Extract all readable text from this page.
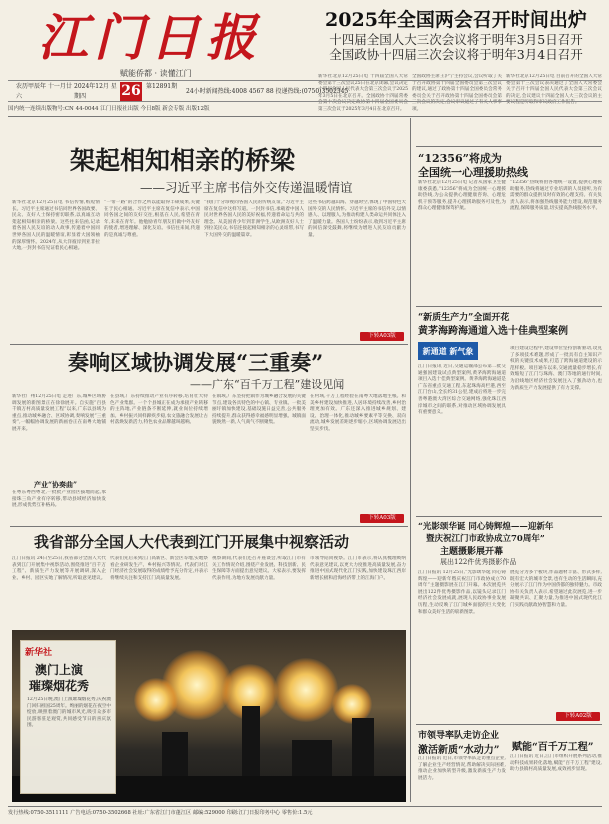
江门日报
赋能侨都 · 读懂江门
2025年全国两会召开时间出炉
十四届全国人大三次会议将于明年3月5日召开
全国政协十四届三次会议将于明年3月4日召开
新华社北京12月25日电 十四届全国人大常委会第十三次会议25日在北京闭幕,会议决定十四届全国人民代表大会第三次会议于2025年3月5日在北京召开。全国政协十四届常委会第十次会议决定政协第十四届全国委员会第三次会议于2025年3月4日在北京召开。
全国政协主席王沪宁主持会议,会议听取了关于召开政协第十四届全国委员会第三次会议的建议,通过了政协第十四届全国委员会常务委员会关于召开政协第十四届全国委员会第三次会议的决定,会议审议通过了有关人事事项。
新华社北京12月25日电 目前召开的全国人大常委会第十三次会议表决通过了全国人大常委会关于召开十四届全国人民代表大会第三次会议的决定,会议建议十四届全国人大三次会议的主要议程是听取和审议政府工作报告。
农历甲辰年 十一月廿六
2024年12月 星期四	26 第12891期
24小时新闻热线:4008 4567 88 投递热线:(0750)3502345
国内统一连续出版物号:CN 44-0044 江门日报社出版 今日8版 新会专版 出版12版
架起相知相亲的桥梁
——习近平主席书信外交传递温暖情谊
新华社北京12月25日电 书信传情,纸短情长。习近平主席通过书信同世界各国政要、民众、友好人士保持密切联系,以真诚互动架起相知相亲的桥梁。这些往来信函,记录着各国人民友谊的动人故事,传递着中国同世界各国人民的温暖情谊,彰显着大国领袖的深厚情怀。2024年,从大洋彼岸到亚非拉大地,一封封书信见证着民心相通。
“一带一路”的合作之所以能取得丰硕成果,关键在于民心相通。习近平主席在复信中表示,中国同各国之间的友好交往,根基在人民,希望在青年,未来在青年。他勉励青年朋友们做中外友好的使者,增进理解、深化友谊。书信往来间,传递的是真诚与尊重。
“我们十分珍视同各国人民的传统友谊。”习近平主席在复信中这样写道。一封封书信,承载着中国人民对世界各国人民的美好祝福,传递着命运与共的理念。从美国青少年到非洲学生,从欧洲友好人士到拉美民众,书信连接起相知相亲的心灵纽带,书写下大国外交的温暖篇章。
这些书信跨越山海、穿越时空,体现了中国特色大国外交的人民情怀。习近平主席的书信外交,以情感人、以理服人,为推动构建人类命运共同体注入了温暖力量。各国人士纷纷表示,收到习近平主席的回信深受鼓舞,将继续为增进人民友谊贡献力量。
下转A03版
奏响区域协调发展“三重奏”
——广东“百千万工程”建设见闻
新华社广州12月25日电 走进广东,城乡区域协调发展的新图景正在徐徐展开。自实施“百县千镇万村高质量发展工程”以来,广东以县域为重点,推动城乡融合、区域协调,奏响发展“三重奏”,一幅幅协调发展的新画卷正在南粤大地铺展开来。
产业“协奏曲”
在粤东粤西粤北,一批批产业园区拔地而起,承接珠三角产业有序转移,带动县域经济加快发展,形成优势互补格局。
在县域,广东持续推动产业有序转移,培育壮大特色产业集群。一个个县城正在成为承接产业转移的主阵地,产业链条不断延伸,就业岗位持续增加。乡村振兴同样蹄疾步稳,农文旅融合发展让古村落焕发新活力,特色农业品牌越叫越响。
在镇域,广东坚持把镇作为城乡融合发展的关键节点,建设各具特色的中心镇、专业镇。一批美丽圩镇加快建设,基础设施日益完善,公共服务持续提升,群众获得感幸福感明显增强。城镇面貌焕然一新,人气商气不断聚集。
在村域,千万工程经验在南粤大地落地生根。和美乡村建设加快推进,人居环境持续改善,乡村治理更加有效。广东还深入推进城乡规划、建设、治理一体化,推动城乡要素平等交换、双向流动,城乡发展差距逐步缩小,区域协调发展迈出坚实步伐。
下转A03版
我省部分全国人大代表到江门开展集中视察活动
江门日报讯 24日至25日,我省部分全国人大代表到江门开展集中视察活动,围绕推进“百千万工程”、新质生产力发展等开展调研,深入企业、乡村、园区实地了解情况,听取意见建议。
代表们先后来到江门高新区、新会区等地,实地察看企业研发生产、乡村振兴等情况。代表们对江门经济社会发展取得的成绩给予充分肯定,并表示将继续关注和支持江门高质量发展。
视察期间,代表们还召开座谈会,听取江门市有关工作情况介绍,围绕产业发展、科技创新、民生保障等方面提出意见建议。大家表示,要发挥代表作用,为地方发展贡献力量。
市领导陪同视察。江门市表示,将认真梳理吸纳代表意见建议,以更大力度推进高质量发展,奋力推进中国式现代化江门实践,加快建设珠江西岸新增长极和沿海经济带上的江海门户。
新华社
澳门上演
璀璨烟花秀
12月25日晚,澳门上演璀璨烟花秀,庆祝澳门回归祖国25周年。绚丽的烟花在夜空中绽放,映照着澳门的城市风光,吸引众多市民游客驻足观赏,共同感受节日的喜庆氛围。
“12356”将成为
全国统一心理援助热线
新华社北京12月25日电 记者从国家卫生健康委获悉,“12356”将成为全国统一心理援助热线,为公众提供心理健康咨询、心理危机干预等服务,提升心理援助服务可及性,为群众心理健康保驾护航。
“12356”热线将由各地统一设置,提供心理援助服务,热线将通过专业培训的人员接听,为有需要的群众提供及时有效的心理支持。有关负责人表示,将加强热线服务能力建设,规范服务流程,保障服务质量,切实提高热线服务水平。
“新质生产力”全面开花
黄茅海跨海通道入选十佳典型案例
新通道 新气象
江门日报讯 近日,交通运输部公布第二批交通强国建设试点典型案例,黄茅海跨海通道项目入选十佳典型案例。黄茅海跨海通道是广东省重点交通工程,东起珠海高栏港,西至江门台山,全长约31公里,建成后将进一步完善粤港澳大湾区综合交通网络,强化珠江西岸城市之间的联系,对推动区域协调发展具有重要意义。
项目建设过程中,建设单位坚持创新驱动,攻克了多项技术难题,形成了一批具有自主知识产权的关键技术成果,打造了跨海通道建设的示范样板。项目通车以来,交通流量稳步增长,有效缩短了江门与珠海、澳门等地的通行时间,为沿线地区经济社会发展注入了强劲动力,也为新质生产力发展提供了有力支撑。
“光影颂华诞 同心铸辉煌——迎新年
暨庆祝江门市政协成立70周年”
主题摄影展开幕
展出122件优秀摄影作品
江门日报讯 12月25日,“光影颂华诞 同心铸辉煌——迎新年暨庆祝江门市政协成立70周年”主题摄影展在江门开幕。本次展览共展出122件优秀摄影作品,以镜头记录江门经济社会发展成就,展现人民政协事业发展历程,生动反映了江门城乡面貌的巨大变化和群众美好生活的崭新图景。
展览分为多个板块,作品题材丰富、形式多样,既有宏大的城市全景,也有生动的生活瞬间,充分展示了江门作为中国侨都的独特魅力。市政协有关负责人表示,希望通过此次展览,进一步凝聚共识、汇聚力量,为推进中国式现代化江门实践贡献政协智慧和力量。
下转A02版
市领导率队走访企业
激活新质“水动力”
江门日报讯 近日,市领导率队走访重点企业,了解企业生产经营情况,帮助解决实际困难,推动企业加快转型升级,激发新质生产力发展活力。
赋能“百千万工程”
江门日报讯 近日,江门市组织开展系列活动,推动科技成果转化落地,赋能“百千万工程”建设,助力县镇村高质量发展,成效初步显现。
发行热线:0750-3511111 广告电话:0750-3502668 社址:广东省江门市蓬江区 邮编:529000 印刷:江门日报印务中心 零售价:1.5元
